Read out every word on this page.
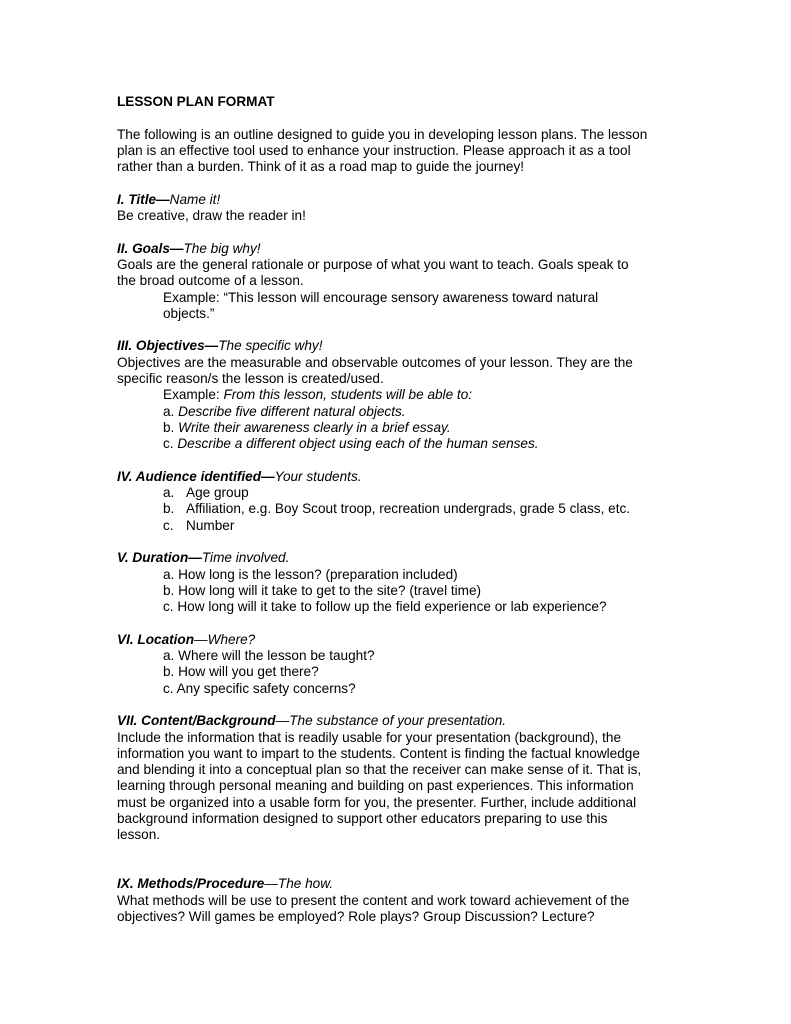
LESSON PLAN FORMAT

The following is an outline designed to guide you in developing lesson plans. The lesson

plan is an effective tool used to enhance your instruction. Please approach it as a tool

rather than a burden. Think of it as a road map to guide the journey!

I. Title—Name it!

Be creative, draw the reader in!

II. Goals—The big why!

Goals are the general rationale or purpose of what you want to teach. Goals speak to

the broad outcome of a lesson.

Example: “This lesson will encourage sensory awareness toward natural

objects.”

III. Objectives—The specific why!

Objectives are the measurable and observable outcomes of your lesson. They are the

specific reason/s the lesson is created/used.

Example: From this lesson, students will be able to:

a. Describe five different natural objects.

b. Write their awareness clearly in a brief essay.

c. Describe a different object using each of the human senses.

IV. Audience identified—Your students.

a. Age group
b. Affiliation, e.g. Boy Scout troop, recreation undergrads, grade 5 class, etc.
c. Number

V. Duration—Time involved.

a. How long is the lesson? (preparation included)

b. How long will it take to get to the site? (travel time)

c. How long will it take to follow up the field experience or lab experience?

VI. Location—Where?

a. Where will the lesson be taught?

b. How will you get there?

c. Any specific safety concerns?

VII. Content/Background—The substance of your presentation.

Include the information that is readily usable for your presentation (background), the

information you want to impart to the students. Content is finding the factual knowledge

and blending it into a conceptual plan so that the receiver can make sense of it. That is,

learning through personal meaning and building on past experiences. This information

must be organized into a usable form for you, the presenter. Further, include additional

background information designed to support other educators preparing to use this

lesson.

IX. Methods/Procedure—The how.

What methods will be use to present the content and work toward achievement of the

objectives? Will games be employed? Role plays? Group Discussion? Lecture?
